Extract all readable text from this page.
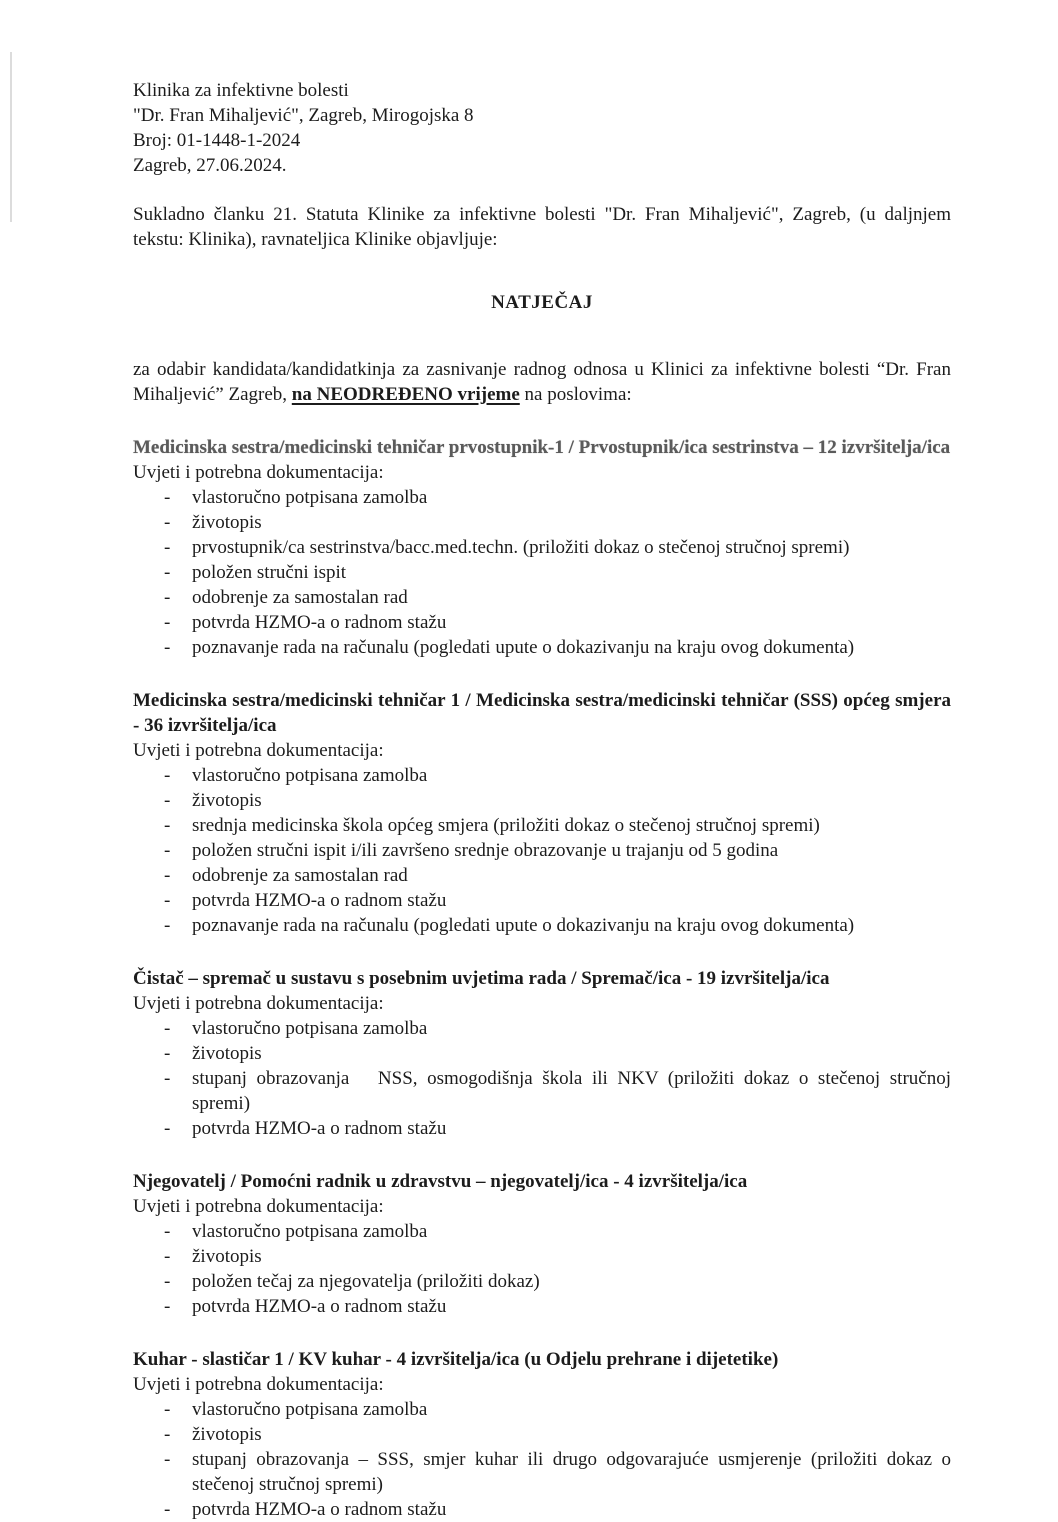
Klinika za infektivne bolesti
"Dr. Fran Mihaljević", Zagreb, Mirogojska 8
Broj: 01-1448-1-2024
Zagreb, 27.06.2024.

Sukladno članku 21. Statuta Klinike za infektivne bolesti "Dr. Fran Mihaljević", Zagreb, (u daljnjem tekstu: Klinika), ravnateljica Klinike objavljuje:

NATJEČAJ

za odabir kandidata/kandidatkinja za zasnivanje radnog odnosa u Klinici za infektivne bolesti “Dr. Fran Mihaljević” Zagreb, na NEODREĐENO vrijeme na poslovima:

Medicinska sestra/medicinski tehničar prvostupnik-1 / Prvostupnik/ica sestrinstva – 12 izvršitelja/ica

Uvjeti i potrebna dokumentacija:

- vlastoručno potpisana zamolba
- životopis
- prvostupnik/ca sestrinstva/bacc.med.techn. (priložiti dokaz o stečenoj stručnoj spremi)
- položen stručni ispit
- odobrenje za samostalan rad
- potvrda HZMO-a o radnom stažu
- poznavanje rada na računalu (pogledati upute o dokazivanju na kraju ovog dokumenta)

Medicinska sestra/medicinski tehničar 1 / Medicinska sestra/medicinski tehničar (SSS) općeg smjera - 36 izvršitelja/ica

Uvjeti i potrebna dokumentacija:

- vlastoručno potpisana zamolba
- životopis
- srednja medicinska škola općeg smjera (priložiti dokaz o stečenoj stručnoj spremi)
- položen stručni ispit i/ili završeno srednje obrazovanje u trajanju od 5 godina
- odobrenje za samostalan rad
- potvrda HZMO-a o radnom stažu
- poznavanje rada na računalu (pogledati upute o dokazivanju na kraju ovog dokumenta)

Čistač – spremač u sustavu s posebnim uvjetima rada / Spremač/ica - 19 izvršitelja/ica

Uvjeti i potrebna dokumentacija:

- vlastoručno potpisana zamolba
- životopis
- stupanj obrazovanja  NSS, osmogodišnja škola ili NKV (priložiti dokaz o stečenoj stručnoj spremi)
- potvrda HZMO-a o radnom stažu

Njegovatelj / Pomoćni radnik u zdravstvu – njegovatelj/ica - 4 izvršitelja/ica

Uvjeti i potrebna dokumentacija:

- vlastoručno potpisana zamolba
- životopis
- položen tečaj za njegovatelja (priložiti dokaz)
- potvrda HZMO-a o radnom stažu

Kuhar - slastičar 1 / KV kuhar - 4 izvršitelja/ica (u Odjelu prehrane i dijetetike)

Uvjeti i potrebna dokumentacija:

- vlastoručno potpisana zamolba
- životopis
- stupanj obrazovanja – SSS, smjer kuhar ili drugo odgovarajuće usmjerenje (priložiti dokaz o stečenoj stručnoj spremi)
- potvrda HZMO-a o radnom stažu
